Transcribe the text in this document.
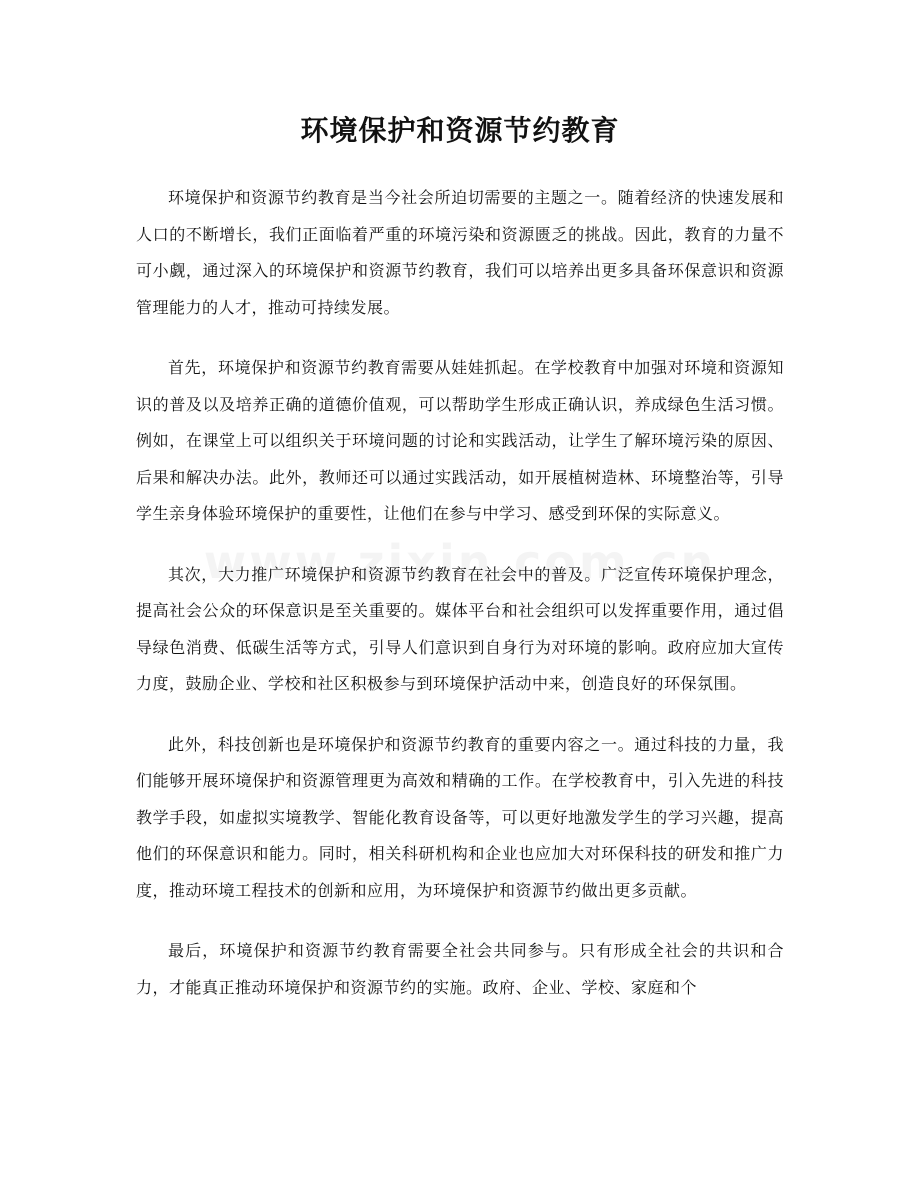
环境保护和资源节约教育

环境保护和资源节约教育是当今社会所迫切需要的主题之一。随着经济的快速发展和人口的不断增长，我们正面临着严重的环境污染和资源匮乏的挑战。因此，教育的力量不可小觑，通过深入的环境保护和资源节约教育，我们可以培养出更多具备环保意识和资源管理能力的人才，推动可持续发展。

首先，环境保护和资源节约教育需要从娃娃抓起。在学校教育中加强对环境和资源知识的普及以及培养正确的道德价值观，可以帮助学生形成正确认识，养成绿色生活习惯。例如，在课堂上可以组织关于环境问题的讨论和实践活动，让学生了解环境污染的原因、后果和解决办法。此外，教师还可以通过实践活动，如开展植树造林、环境整治等，引导学生亲身体验环境保护的重要性，让他们在参与中学习、感受到环保的实际意义。

其次，大力推广环境保护和资源节约教育在社会中的普及。广泛宣传环境保护理念，提高社会公众的环保意识是至关重要的。媒体平台和社会组织可以发挥重要作用，通过倡导绿色消费、低碳生活等方式，引导人们意识到自身行为对环境的影响。政府应加大宣传力度，鼓励企业、学校和社区积极参与到环境保护活动中来，创造良好的环保氛围。

此外，科技创新也是环境保护和资源节约教育的重要内容之一。通过科技的力量，我们能够开展环境保护和资源管理更为高效和精确的工作。在学校教育中，引入先进的科技教学手段，如虚拟实境教学、智能化教育设备等，可以更好地激发学生的学习兴趣，提高他们的环保意识和能力。同时，相关科研机构和企业也应加大对环保科技的研发和推广力度，推动环境工程技术的创新和应用，为环境保护和资源节约做出更多贡献。

最后，环境保护和资源节约教育需要全社会共同参与。只有形成全社会的共识和合力，才能真正推动环境保护和资源节约的实施。政府、企业、学校、家庭和个
